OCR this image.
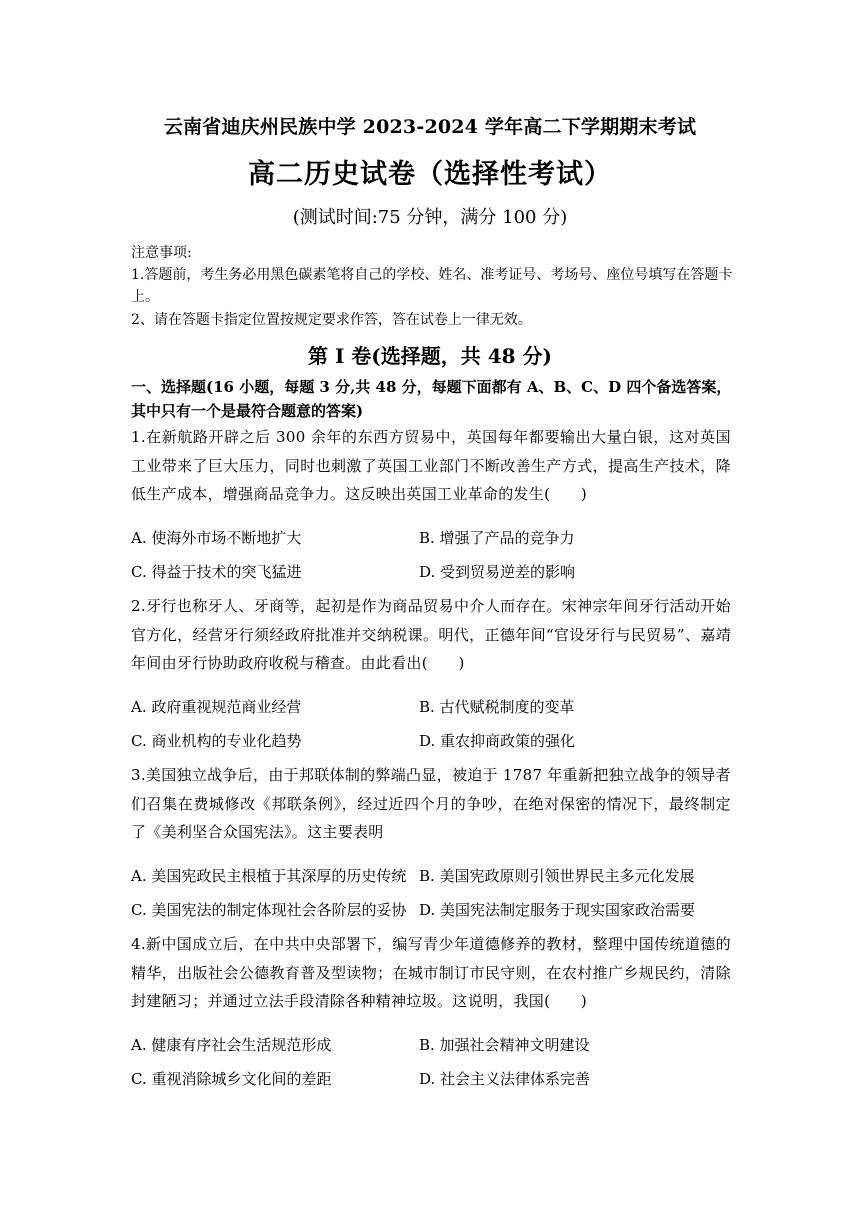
云南省迪庆州民族中学 2023-2024 学年高二下学期期末考试
高二历史试卷（选择性考试）
(测试时间:75 分钟，满分 100 分)
注意事项:
1.答题前，考生务必用黑色碳素笔将自己的学校、姓名、准考证号、考场号、座位号填写在答题卡上。
2、请在答题卡指定位置按规定要求作答，答在试卷上一律无效。
第 I 卷(选择题，共 48 分)
一、选择题(16 小题，每题 3 分,共 48 分，每题下面都有 A、B、C、D 四个备选答案，其中只有一个是最符合题意的答案)
1.在新航路开辟之后 300 余年的东西方贸易中，英国每年都要输出大量白银，这对英国工业带来了巨大压力，同时也刺激了英国工业部门不断改善生产方式，提高生产技术，降低生产成本，增强商品竞争力。这反映出英国工业革命的发生(　　)
A. 使海外市场不断地扩大	B. 增强了产品的竞争力
C. 得益于技术的突飞猛进	D. 受到贸易逆差的影响
2.牙行也称牙人、牙商等，起初是作为商品贸易中介人而存在。宋神宗年间牙行活动开始官方化，经营牙行须经政府批准并交纳税课。明代，正德年间“官设牙行与民贸易”、嘉靖年间由牙行协助政府收税与稽查。由此看出(　　)
A. 政府重视规范商业经营	B. 古代赋税制度的变革
C. 商业机构的专业化趋势	D. 重农抑商政策的强化
3.美国独立战争后，由于邦联体制的弊端凸显，被迫于 1787 年重新把独立战争的领导者们召集在费城修改《邦联条例》，经过近四个月的争吵，在绝对保密的情况下，最终制定了《美利坚合众国宪法》。这主要表明
A. 美国宪政民主根植于其深厚的历史传统 B. 美国宪政原则引领世界民主多元化发展
C. 美国宪法的制定体现社会各阶层的妥协 D. 美国宪法制定服务于现实国家政治需要
4.新中国成立后，在中共中央部署下，编写青少年道德修养的教材，整理中国传统道德的精华，出版社会公德教育普及型读物；在城市制订市民守则，在农村推广乡规民约，清除封建陋习；并通过立法手段清除各种精神垃圾。这说明，我国(　　)
A. 健康有序社会生活规范形成	B. 加强社会精神文明建设
C. 重视消除城乡文化间的差距	D. 社会主义法律体系完善
